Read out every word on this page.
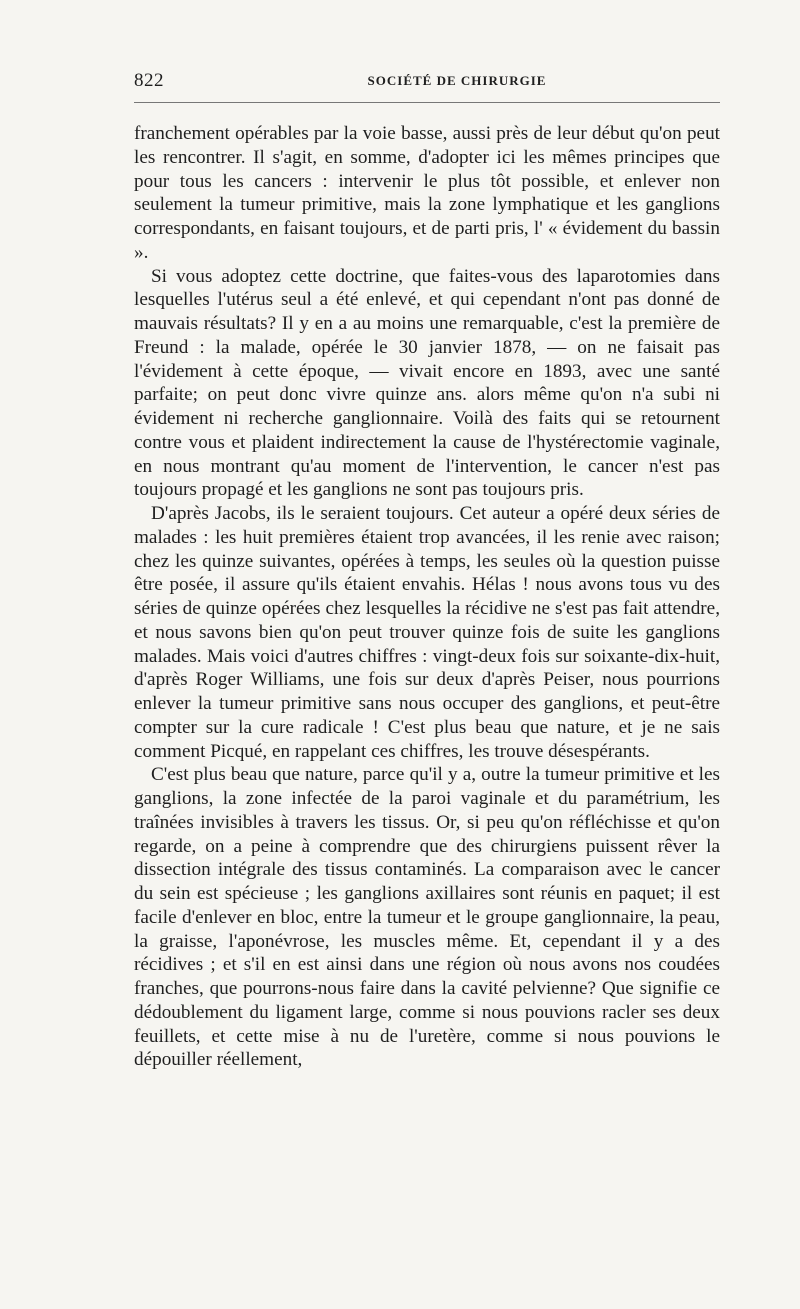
822	SOCIÉTÉ DE CHIRURGIE

franchement opérables par la voie basse, aussi près de leur début qu'on peut les rencontrer. Il s'agit, en somme, d'adopter ici les mêmes principes que pour tous les cancers : intervenir le plus tôt possible, et enlever non seulement la tumeur primitive, mais la zone lymphatique et les ganglions correspondants, en faisant toujours, et de parti pris, l' « évidement du bassin ».

Si vous adoptez cette doctrine, que faites-vous des laparotomies dans lesquelles l'utérus seul a été enlevé, et qui cependant n'ont pas donné de mauvais résultats? Il y en a au moins une remarquable, c'est la première de Freund : la malade, opérée le 30 janvier 1878, — on ne faisait pas l'évidement à cette époque, — vivait encore en 1893, avec une santé parfaite; on peut donc vivre quinze ans. alors même qu'on n'a subi ni évidement ni recherche ganglionnaire. Voilà des faits qui se retournent contre vous et plaident indirectement la cause de l'hystérectomie vaginale, en nous montrant qu'au moment de l'intervention, le cancer n'est pas toujours propagé et les ganglions ne sont pas toujours pris.

D'après Jacobs, ils le seraient toujours. Cet auteur a opéré deux séries de malades : les huit premières étaient trop avancées, il les renie avec raison; chez les quinze suivantes, opérées à temps, les seules où la question puisse être posée, il assure qu'ils étaient envahis. Hélas ! nous avons tous vu des séries de quinze opérées chez lesquelles la récidive ne s'est pas fait attendre, et nous savons bien qu'on peut trouver quinze fois de suite les ganglions malades. Mais voici d'autres chiffres : vingt-deux fois sur soixante-dix-huit, d'après Roger Williams, une fois sur deux d'après Peiser, nous pourrions enlever la tumeur primitive sans nous occuper des ganglions, et peut-être compter sur la cure radicale ! C'est plus beau que nature, et je ne sais comment Picqué, en rappelant ces chiffres, les trouve désespérants.

C'est plus beau que nature, parce qu'il y a, outre la tumeur primitive et les ganglions, la zone infectée de la paroi vaginale et du paramétrium, les traînées invisibles à travers les tissus. Or, si peu qu'on réfléchisse et qu'on regarde, on a peine à comprendre que des chirurgiens puissent rêver la dissection intégrale des tissus contaminés. La comparaison avec le cancer du sein est spécieuse ; les ganglions axillaires sont réunis en paquet; il est facile d'enlever en bloc, entre la tumeur et le groupe ganglionnaire, la peau, la graisse, l'aponévrose, les muscles même. Et, cependant il y a des récidives ; et s'il en est ainsi dans une région où nous avons nos coudées franches, que pourrons-nous faire dans la cavité pelvienne? Que signifie ce dédoublement du ligament large, comme si nous pouvions racler ses deux feuillets, et cette mise à nu de l'uretère, comme si nous pouvions le dépouiller réellement,
